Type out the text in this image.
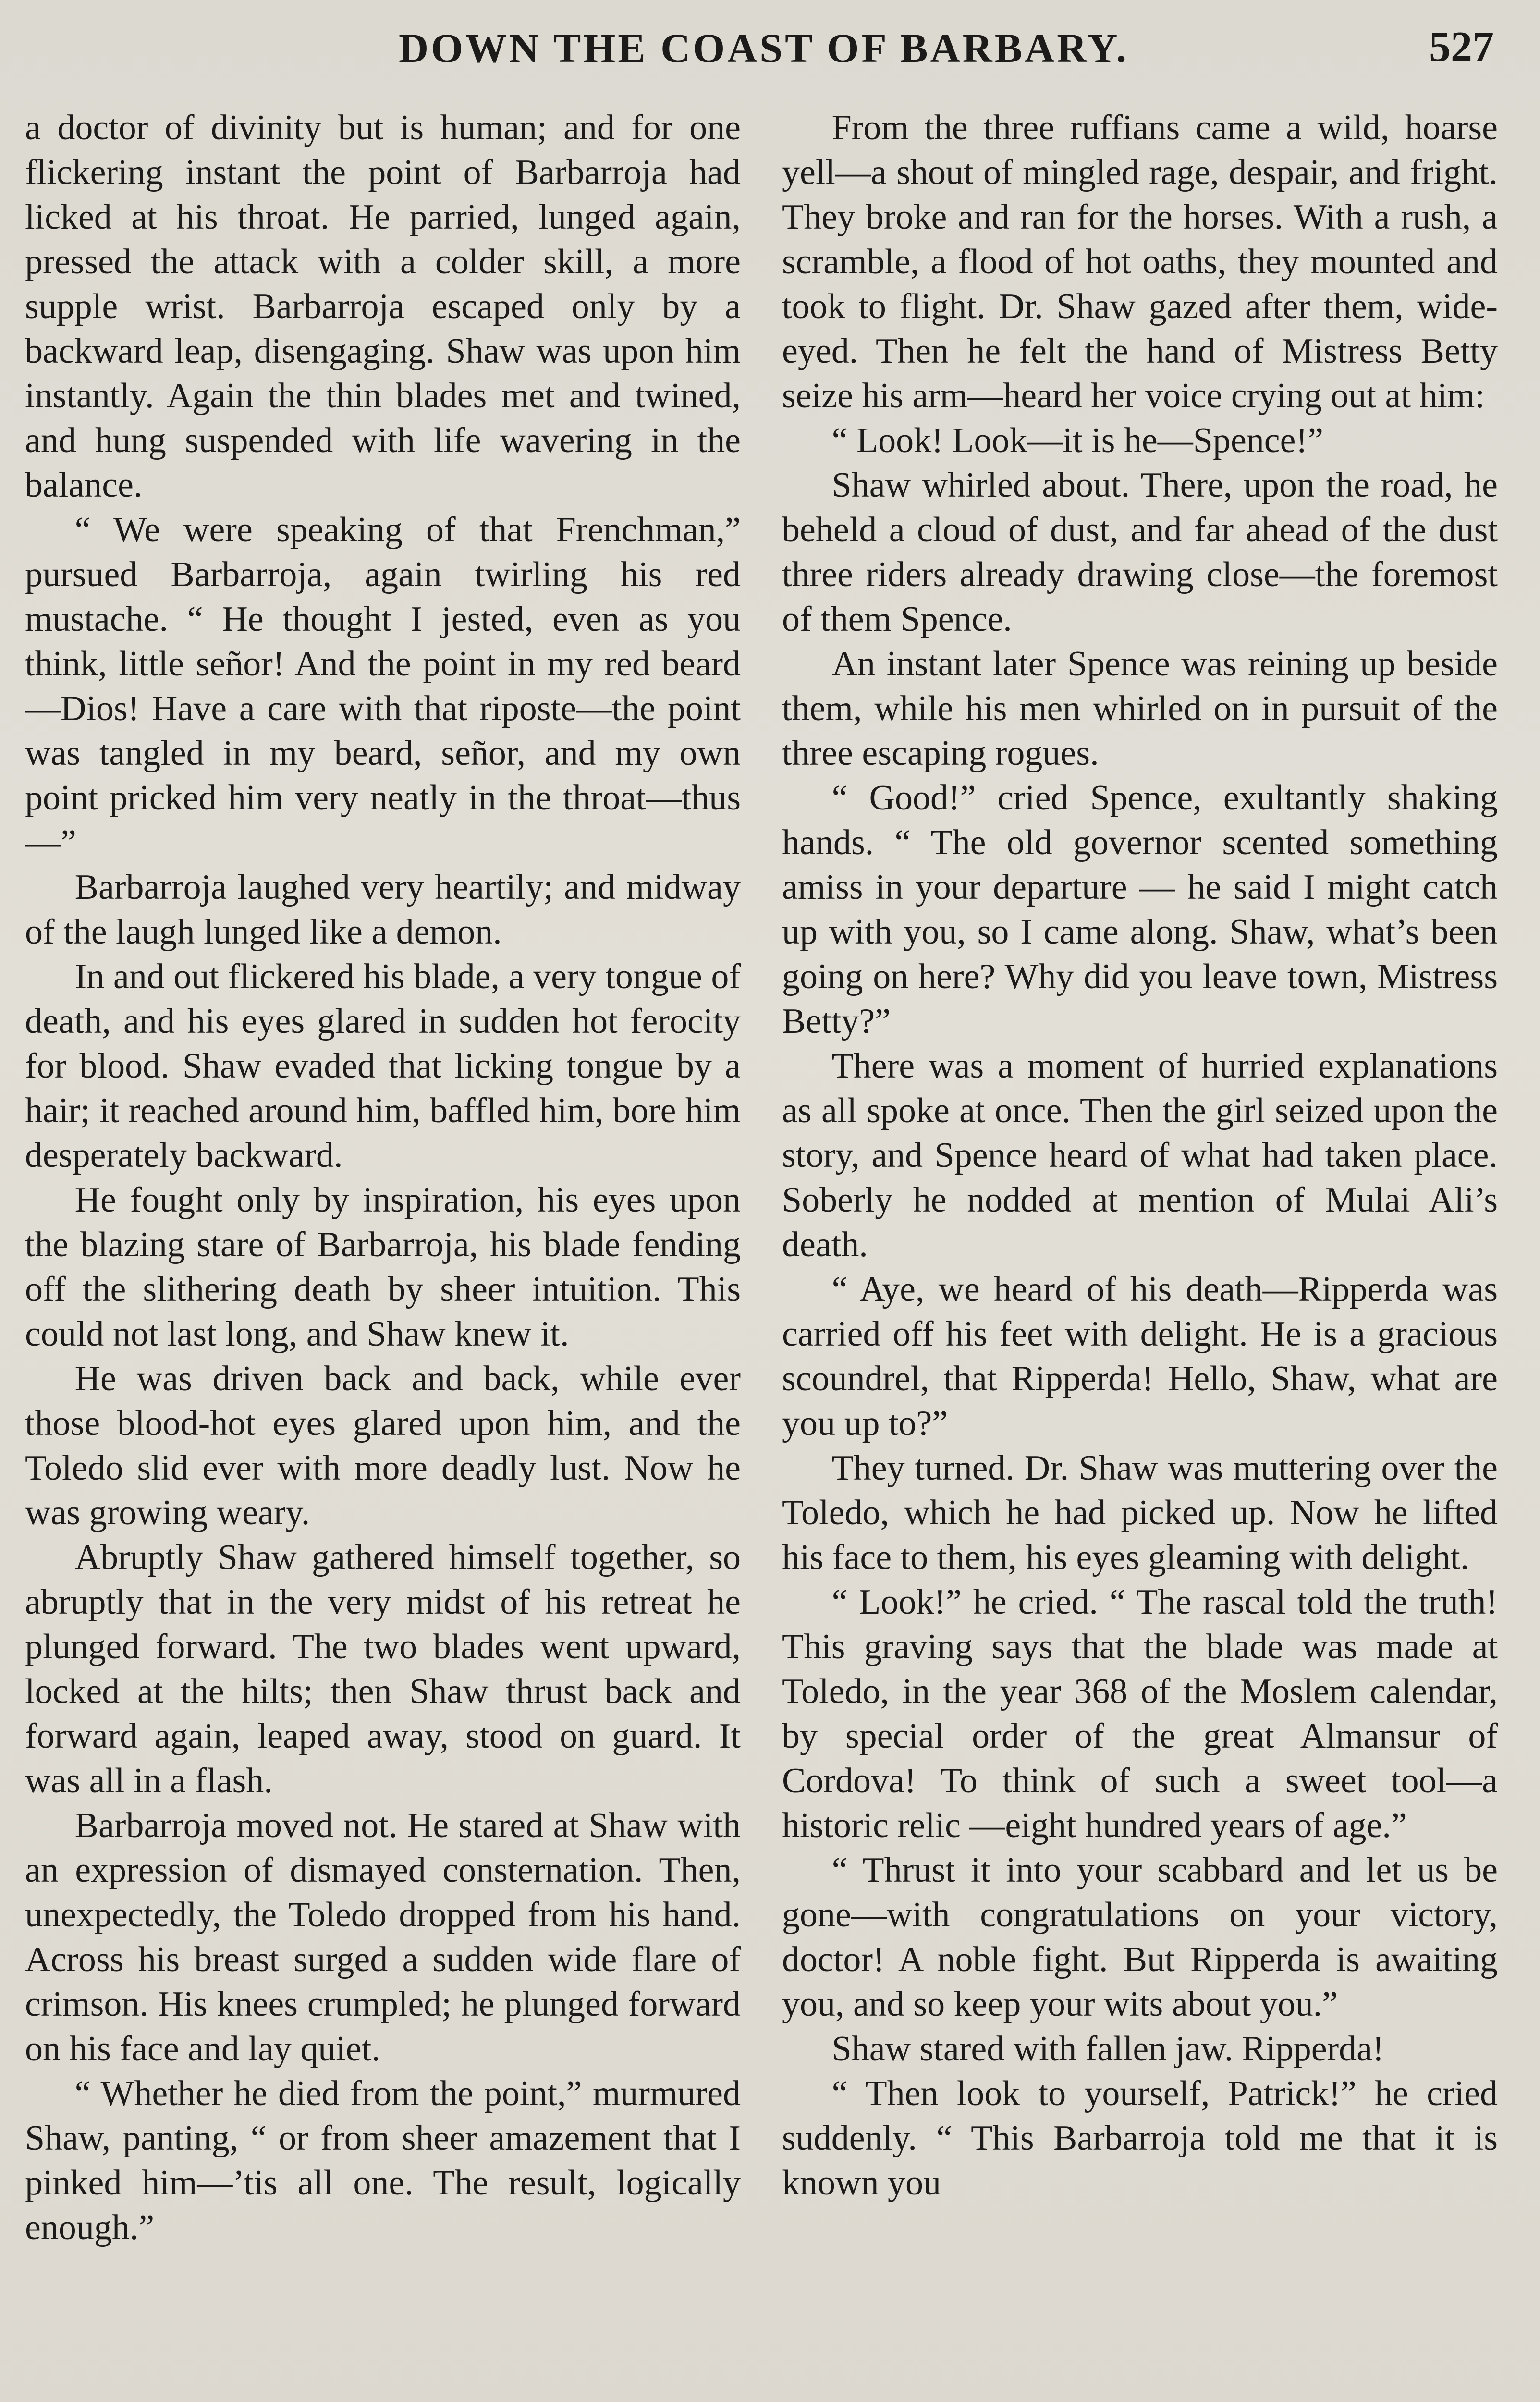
DOWN THE COAST OF BARBARY.	527

a doctor of divinity but is human; and for one flickering instant the point of Barbarroja had licked at his throat. He parried, lunged again, pressed the attack with a colder skill, a more supple wrist. Barbarroja escaped only by a backward leap, disengaging. Shaw was upon him instantly. Again the thin blades met and twined, and hung suspended with life wavering in the balance.

“ We were speaking of that Frenchman,” pursued Barbarroja, again twirling his red mustache. “ He thought I jested, even as you think, little señor! And the point in my red beard—Dios! Have a care with that riposte—the point was tangled in my beard, señor, and my own point pricked him very neatly in the throat—thus—”

Barbarroja laughed very heartily; and midway of the laugh lunged like a demon.

In and out flickered his blade, a very tongue of death, and his eyes glared in sudden hot ferocity for blood. Shaw evaded that licking tongue by a hair; it reached around him, baffled him, bore him desperately backward.

He fought only by inspiration, his eyes upon the blazing stare of Barbarroja, his blade fending off the slithering death by sheer intuition. This could not last long, and Shaw knew it.

He was driven back and back, while ever those blood-hot eyes glared upon him, and the Toledo slid ever with more deadly lust. Now he was growing weary.

Abruptly Shaw gathered himself together, so abruptly that in the very midst of his retreat he plunged forward. The two blades went upward, locked at the hilts; then Shaw thrust back and forward again, leaped away, stood on guard. It was all in a flash.

Barbarroja moved not. He stared at Shaw with an expression of dismayed consternation. Then, unexpectedly, the Toledo dropped from his hand. Across his breast surged a sudden wide flare of crimson. His knees crumpled; he plunged forward on his face and lay quiet.

“ Whether he died from the point,” murmured Shaw, panting, “ or from sheer amazement that I pinked him—’tis all one. The result, logically enough.”

From the three ruffians came a wild, hoarse yell—a shout of mingled rage, despair, and fright. They broke and ran for the horses. With a rush, a scramble, a flood of hot oaths, they mounted and took to flight. Dr. Shaw gazed after them, wide-eyed. Then he felt the hand of Mistress Betty seize his arm—heard her voice crying out at him:

“ Look! Look—it is he—Spence!”

Shaw whirled about. There, upon the road, he beheld a cloud of dust, and far ahead of the dust three riders already drawing close—the foremost of them Spence.

An instant later Spence was reining up beside them, while his men whirled on in pursuit of the three escaping rogues.

“ Good!” cried Spence, exultantly shaking hands. “ The old governor scented something amiss in your departure — he said I might catch up with you, so I came along. Shaw, what’s been going on here? Why did you leave town, Mistress Betty?”

There was a moment of hurried explanations as all spoke at once. Then the girl seized upon the story, and Spence heard of what had taken place. Soberly he nodded at mention of Mulai Ali’s death.

“ Aye, we heard of his death—Ripperda was carried off his feet with delight. He is a gracious scoundrel, that Ripperda! Hello, Shaw, what are you up to?”

They turned. Dr. Shaw was muttering over the Toledo, which he had picked up. Now he lifted his face to them, his eyes gleaming with delight.

“ Look!” he cried. “ The rascal told the truth! This graving says that the blade was made at Toledo, in the year 368 of the Moslem calendar, by special order of the great Almansur of Cordova! To think of such a sweet tool—a historic relic —eight hundred years of age.”

“ Thrust it into your scabbard and let us be gone—with congratulations on your victory, doctor! A noble fight. But Ripperda is awaiting you, and so keep your wits about you.”

Shaw stared with fallen jaw. Ripperda!

“ Then look to yourself, Patrick!” he cried suddenly. “ This Barbarroja told me that it is known you
